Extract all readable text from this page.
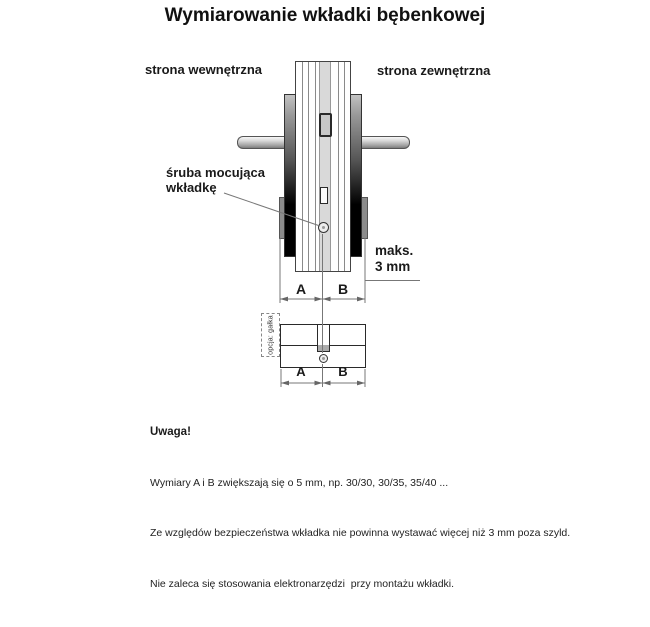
Wymiarowanie wkładki bębenkowej
strona wewnętrzna	strona zewnętrzna
śruba mocująca
wkładkę
maks.
3 mm
A	B
opcja: gałka
A	B

Uwaga!

Wymiary A i B zwiększają się o 5 mm, np. 30/30, 30/35, 35/40 ...

Ze względów bezpieczeństwa wkładka nie powinna wystawać więcej niż 3 mm poza szyld.

Nie zaleca się stosowania elektronarzędzi  przy montażu wkładki.
